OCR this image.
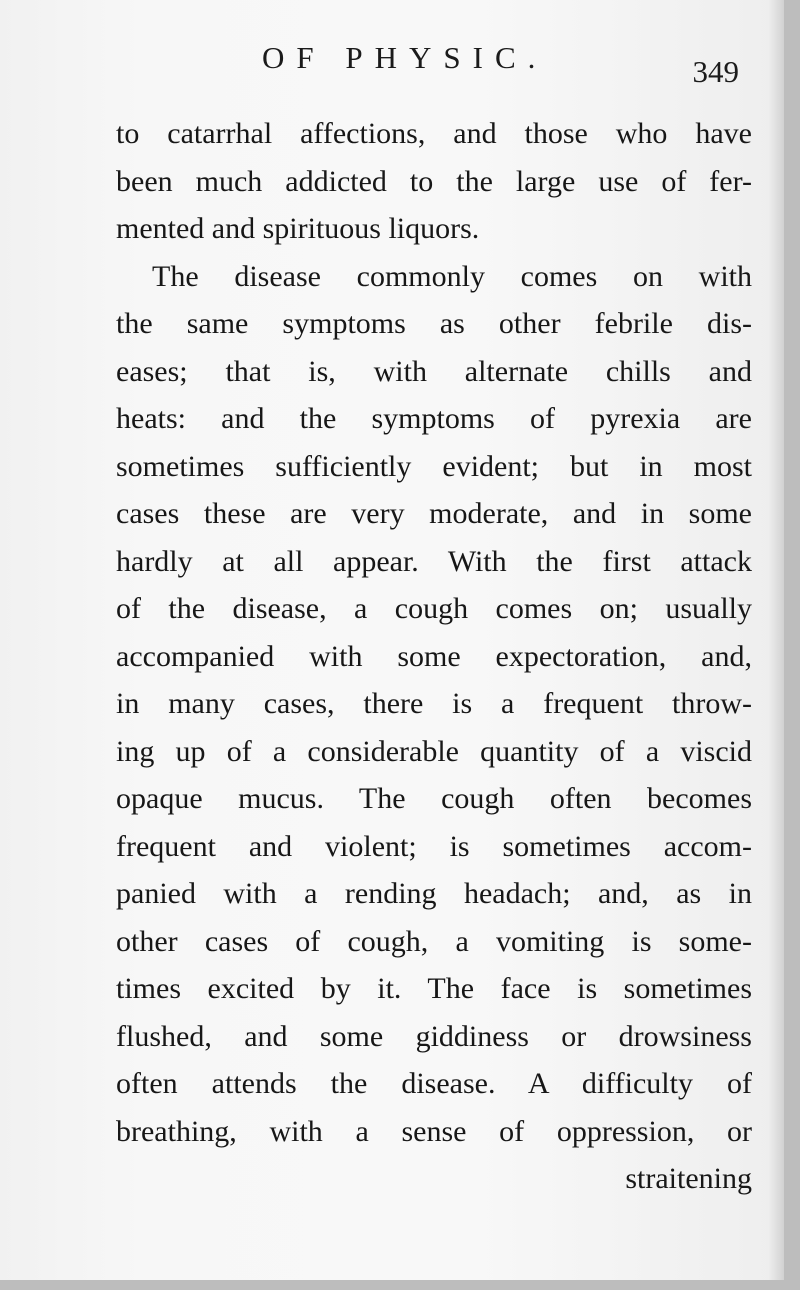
OF PHYSIC.	349
to catarrhal affections, and those who have
been much addicted to the large use of fer-
mented and spirituous liquors.
The disease commonly comes on with
the same symptoms as other febrile dis-
eases; that is, with alternate chills and
heats: and the symptoms of pyrexia are
sometimes sufficiently evident; but in most
cases these are very moderate, and in some
hardly at all appear. With the first attack
of the disease, a cough comes on; usually
accompanied with some expectoration, and,
in many cases, there is a frequent throw-
ing up of a considerable quantity of a viscid
opaque mucus. The cough often becomes
frequent and violent; is sometimes accom-
panied with a rending headach; and, as in
other cases of cough, a vomiting is some-
times excited by it. The face is sometimes
flushed, and some giddiness or drowsiness
often attends the disease. A difficulty of
breathing, with a sense of oppression, or
straitening
